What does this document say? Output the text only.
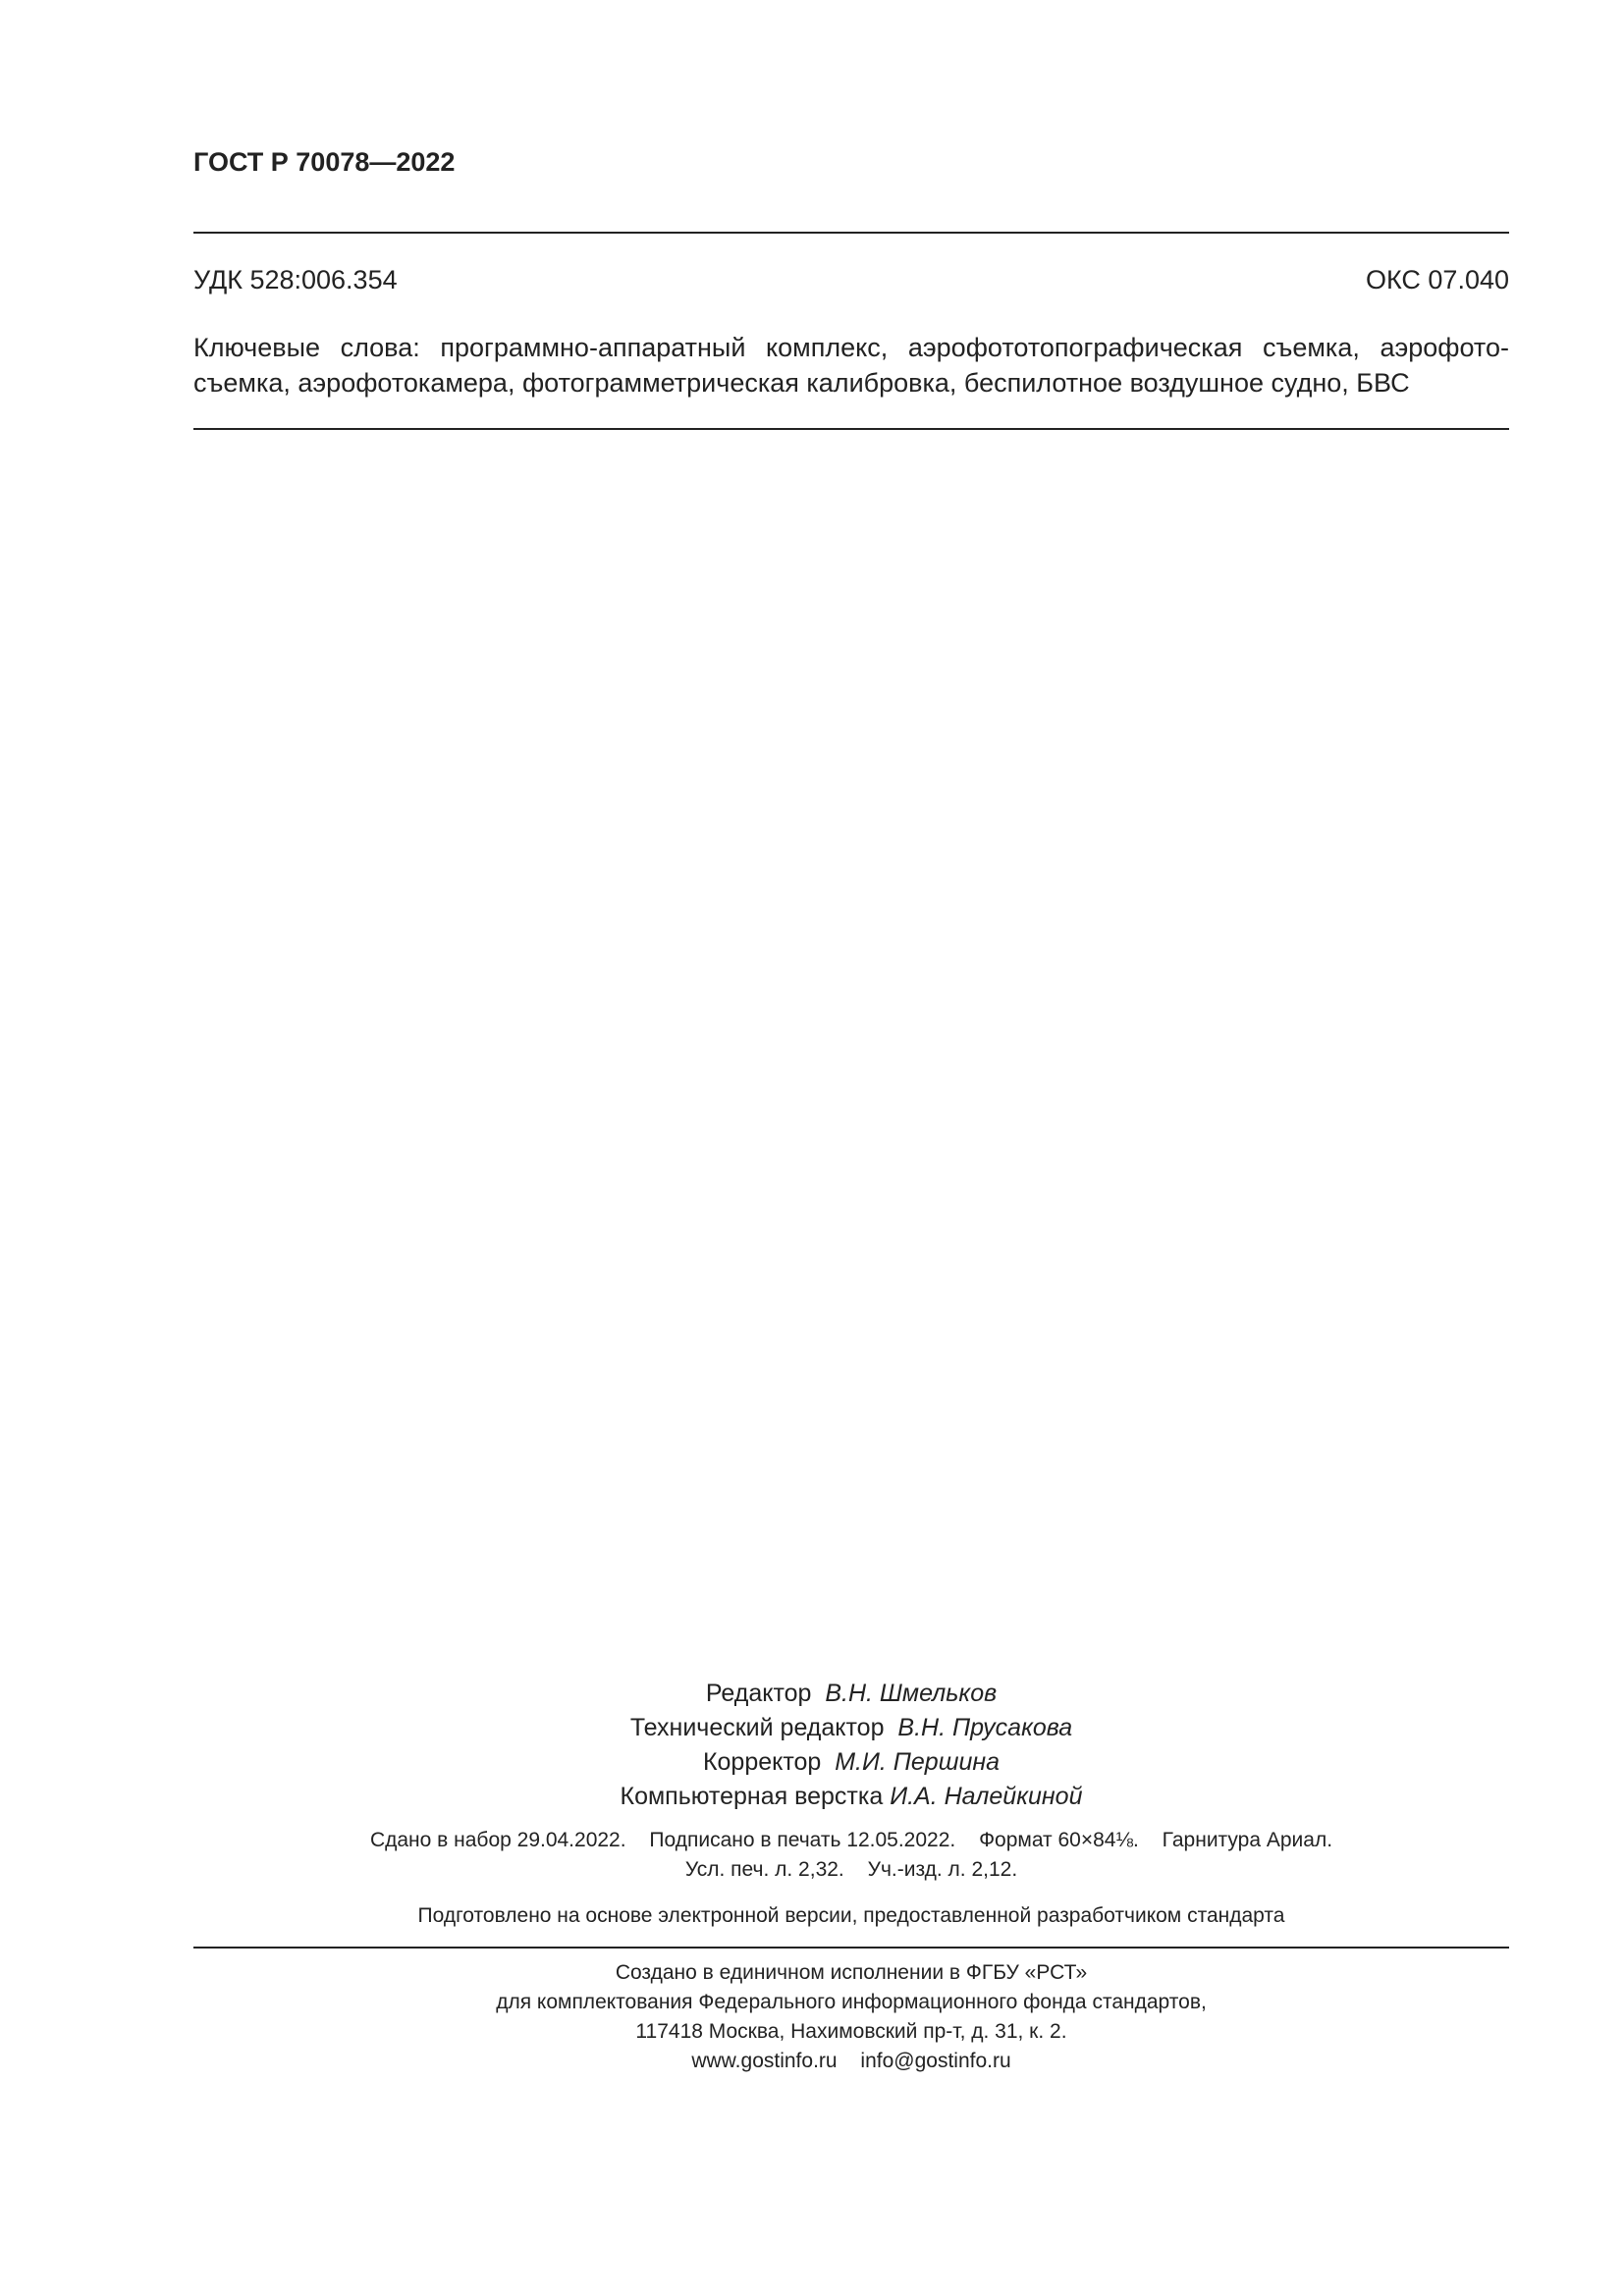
ГОСТ Р 70078—2022
УДК 528:006.354	ОКС 07.040

Ключевые слова: программно-аппаратный комплекс, аэрофототопографическая съемка, аэрофото-

съемка, аэрофотокамера, фотограмметрическая калибровка, беспилотное воздушное судно, БВС

Редактор В.Н. Шмельков
Технический редактор В.Н. Прусакова
Корректор М.И. Першина
Компьютерная верстка И.А. Налейкиной
Сдано в набор 29.04.2022. Подписано в печать 12.05.2022. Формат 60×84⅛. Гарнитура Ариал.
Усл. печ. л. 2,32. Уч.-изд. л. 2,12.
Подготовлено на основе электронной версии, предоставленной разработчиком стандарта
Создано в единичном исполнении в ФГБУ «РСТ»
для комплектования Федерального информационного фонда стандартов,
117418 Москва, Нахимовский пр-т, д. 31, к. 2.
www.gostinfo.ru info@gostinfo.ru
